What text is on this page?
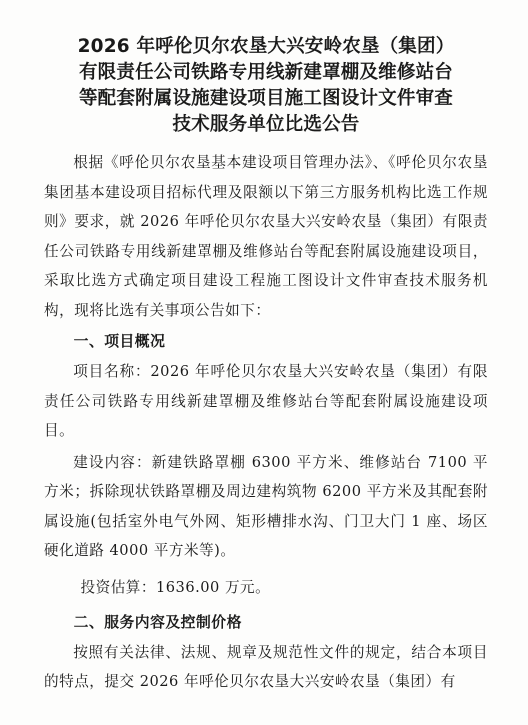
2026 年呼伦贝尔农垦大兴安岭农垦（集团）
有限责任公司铁路专用线新建罩棚及维修站台
等配套附属设施建设项目施工图设计文件审查
技术服务单位比选公告

根据《呼伦贝尔农垦基本建设项目管理办法》、《呼伦贝尔农垦集团基本建设项目招标代理及限额以下第三方服务机构比选工作规则》要求，就 2026 年呼伦贝尔农垦大兴安岭农垦（集团）有限责任公司铁路专用线新建罩棚及维修站台等配套附属设施建设项目，采取比选方式确定项目建设工程施工图设计文件审查技术服务机构，现将比选有关事项公告如下：

一、项目概况

项目名称：2026 年呼伦贝尔农垦大兴安岭农垦（集团）有限责任公司铁路专用线新建罩棚及维修站台等配套附属设施建设项目。

建设内容：新建铁路罩棚 6300 平方米、维修站台 7100 平方米；拆除现状铁路罩棚及周边建构筑物 6200 平方米及其配套附属设施(包括室外电气外网、矩形槽排水沟、门卫大门 1 座、场区硬化道路 4000 平方米等)。

投资估算：1636.00 万元。

二、服务内容及控制价格

按照有关法律、法规、规章及规范性文件的规定，结合本项目的特点，提交 2026 年呼伦贝尔农垦大兴安岭农垦（集团）有
